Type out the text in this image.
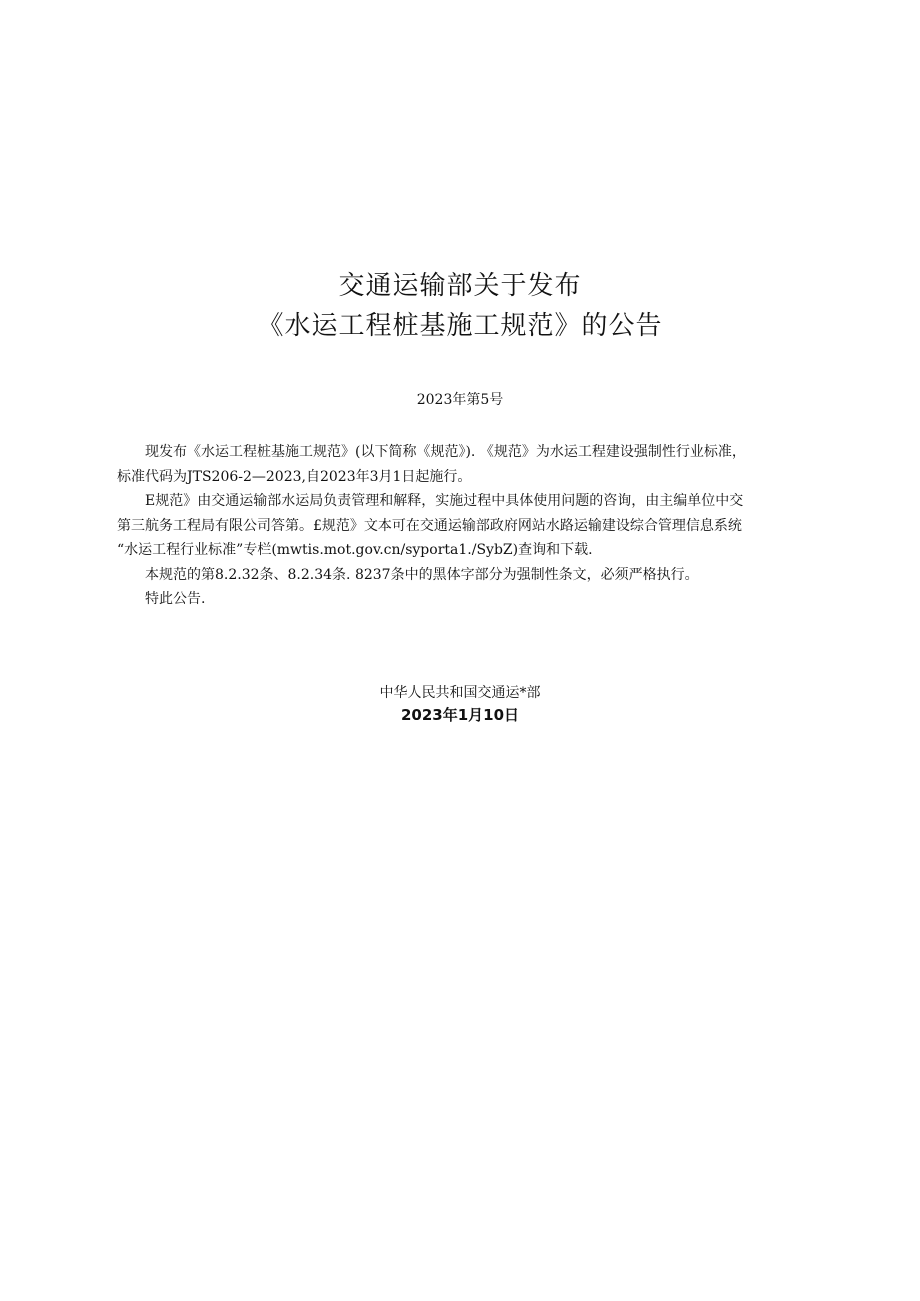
交通运输部关于发布
《水运工程桩基施工规范》的公告
2023年第5号
现发布《水运工程桩基施工规范》(以下简称《规范》). 《规范》为水运工程建设强制性行业标准，
标准代码为JTS206-2—2023,自2023年3月1日起施行。
E规范》由交通运输部水运局负责管理和解释，实施过程中具体使用问题的咨询，由主编单位中交
第三航务工程局有限公司答第。£规范》文本可在交通运输部政府网站水路运输建设综合管理信息系统
“水运工程行业标准”专栏(mwtis.mot.gov.cn/syporta1./SybZ)查询和下载.
本规范的第8.2.32条、8.2.34条. 8237条中的黑体字部分为强制性条文，必须严格执行。
特此公告.
中华人民共和国交通运*部
2023年1月10日
